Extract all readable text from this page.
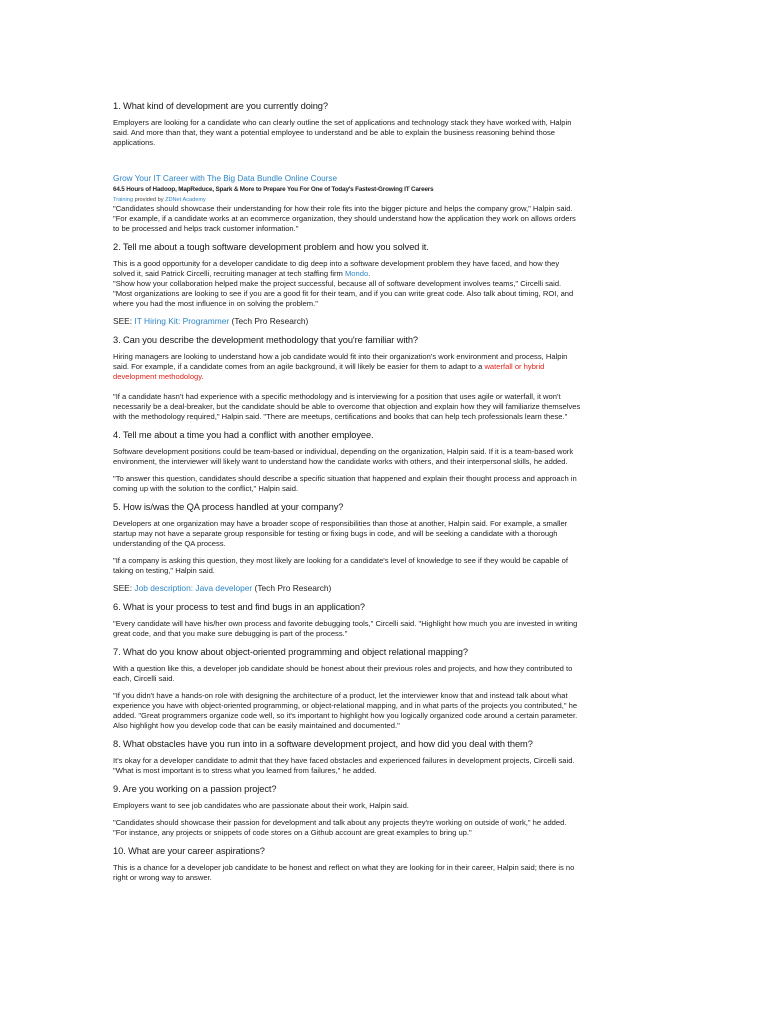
1. What kind of development are you currently doing?
Employers are looking for a candidate who can clearly outline the set of applications and technology stack they have worked with, Halpin
said. And more than that, they want a potential employee to understand and be able to explain the business reasoning behind those
applications.
Grow Your IT Career with The Big Data Bundle Online Course
64.5 Hours of Hadoop, MapReduce, Spark & More to Prepare You For One of Today's Fastest-Growing IT Careers
Training provided by ZDNet Academy
"Candidates should showcase their understanding for how their role fits into the bigger picture and helps the company grow," Halpin said.
"For example, if a candidate works at an ecommerce organization, they should understand how the application they work on allows orders
to be processed and helps track customer information."
2. Tell me about a tough software development problem and how you solved it.
This is a good opportunity for a developer candidate to dig deep into a software development problem they have faced, and how they
solved it, said Patrick Circelli, recruiting manager at tech staffing firm Mondo.
"Show how your collaboration helped make the project successful, because all of software development involves teams," Circelli said.
"Most organizations are looking to see if you are a good fit for their team, and if you can write great code. Also talk about timing, ROI, and
where you had the most influence in on solving the problem."
SEE: IT Hiring Kit: Programmer (Tech Pro Research)
3. Can you describe the development methodology that you're familiar with?
Hiring managers are looking to understand how a job candidate would fit into their organization's work environment and process, Halpin
said. For example, if a candidate comes from an agile background, it will likely be easier for them to adapt to a waterfall or hybrid
development methodology.
"If a candidate hasn't had experience with a specific methodology and is interviewing for a position that uses agile or waterfall, it won't
necessarily be a deal-breaker, but the candidate should be able to overcome that objection and explain how they will familiarize themselves
with the methodology required," Halpin said. "There are meetups, certifications and books that can help tech professionals learn these."
4. Tell me about a time you had a conflict with another employee.
Software development positions could be team-based or individual, depending on the organization, Halpin said. If it is a team-based work
environment, the interviewer will likely want to understand how the candidate works with others, and their interpersonal skills, he added.
"To answer this question, candidates should describe a specific situation that happened and explain their thought process and approach in
coming up with the solution to the conflict," Halpin said.
5. How is/was the QA process handled at your company?
Developers at one organization may have a broader scope of responsibilities than those at another, Halpin said. For example, a smaller
startup may not have a separate group responsible for testing or fixing bugs in code, and will be seeking a candidate with a thorough
understanding of the QA process.
"If a company is asking this question, they most likely are looking for a candidate's level of knowledge to see if they would be capable of
taking on testing," Halpin said.
SEE: Job description: Java developer (Tech Pro Research)
6. What is your process to test and find bugs in an application?
"Every candidate will have his/her own process and favorite debugging tools," Circelli said. "Highlight how much you are invested in writing
great code, and that you make sure debugging is part of the process."
7. What do you know about object-oriented programming and object relational mapping?
With a question like this, a developer job candidate should be honest about their previous roles and projects, and how they contributed to
each, Circelli said.
"If you didn't have a hands-on role with designing the architecture of a product, let the interviewer know that and instead talk about what
experience you have with object-oriented programming, or object-relational mapping, and in what parts of the projects you contributed," he
added. "Great programmers organize code well, so it's important to highlight how you logically organized code around a certain parameter.
Also highlight how you develop code that can be easily maintained and documented."
8. What obstacles have you run into in a software development project, and how did you deal with them?
It's okay for a developer candidate to admit that they have faced obstacles and experienced failures in development projects, Circelli said.
"What is most important is to stress what you learned from failures," he added.
9. Are you working on a passion project?
Employers want to see job candidates who are passionate about their work, Halpin said.
"Candidates should showcase their passion for development and talk about any projects they're working on outside of work," he added.
"For instance, any projects or snippets of code stores on a Github account are great examples to bring up."
10. What are your career aspirations?
This is a chance for a developer job candidate to be honest and reflect on what they are looking for in their career, Halpin said; there is no
right or wrong way to answer.
